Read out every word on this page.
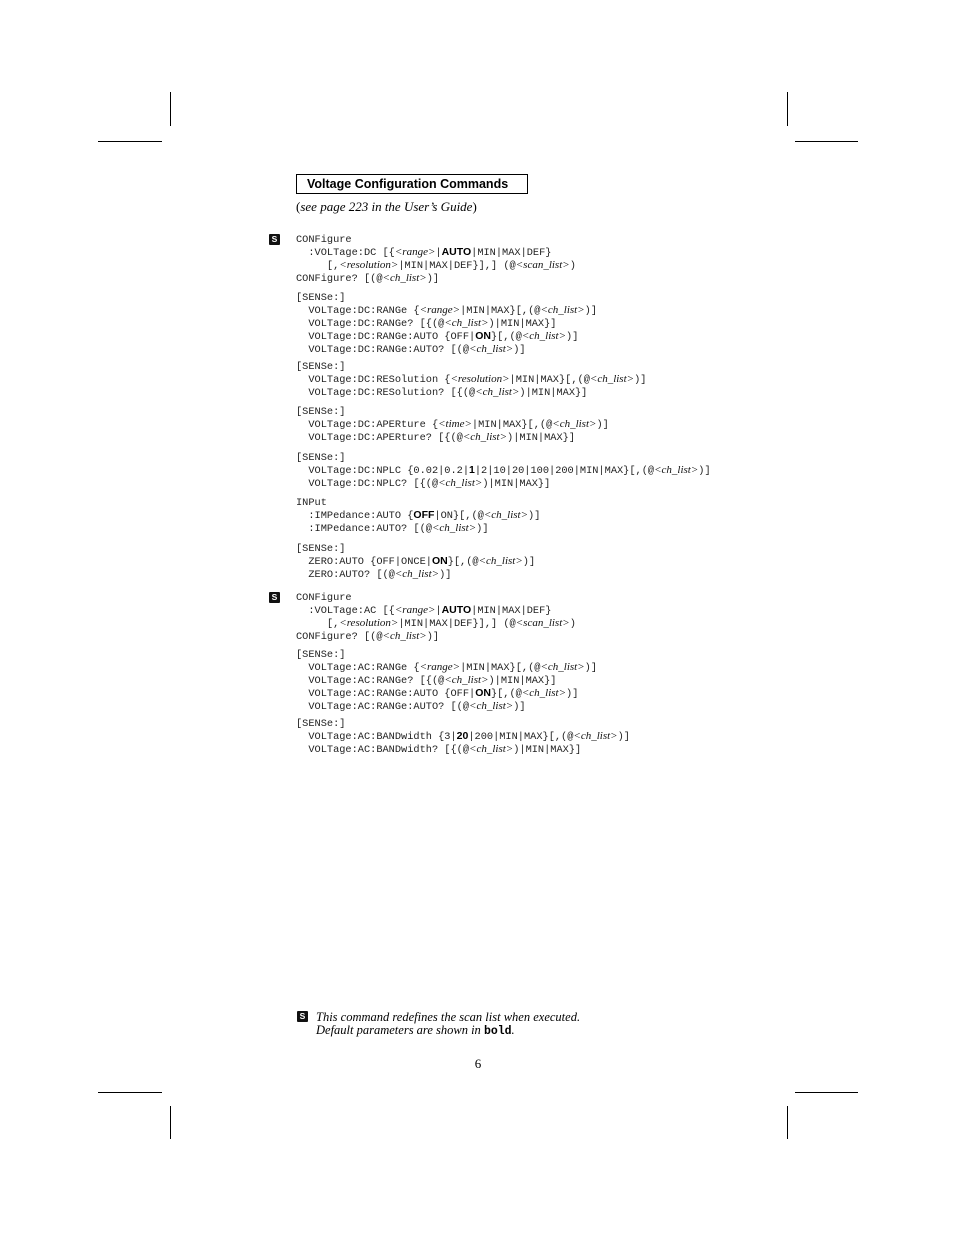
Voltage Configuration Commands
(see page 223 in the User’s Guide)
S
S
CONFigure
:VOLTage:DC [{<range>|AUTO|MIN|MAX|DEF}
[,<resolution>|MIN|MAX|DEF}],] (@<scan_list>)
CONFigure? [(@<ch_list>)]
[SENSe:]
VOLTage:DC:RANGe {<range>|MIN|MAX}[,(@<ch_list>)]
VOLTage:DC:RANGe? [{(@<ch_list>)|MIN|MAX}]
VOLTage:DC:RANGe:AUTO {OFF|ON}[,(@<ch_list>)]
VOLTage:DC:RANGe:AUTO? [(@<ch_list>)]
[SENSe:]
VOLTage:DC:RESolution {<resolution>|MIN|MAX}[,(@<ch_list>)]
VOLTage:DC:RESolution? [{(@<ch_list>)|MIN|MAX}]
[SENSe:]
VOLTage:DC:APERture {<time>|MIN|MAX}[,(@<ch_list>)]
VOLTage:DC:APERture? [{(@<ch_list>)|MIN|MAX}]
[SENSe:]
VOLTage:DC:NPLC {0.02|0.2|1|2|10|20|100|200|MIN|MAX}[,(@<ch_list>)]
VOLTage:DC:NPLC? [{(@<ch_list>)|MIN|MAX}]
INPut
:IMPedance:AUTO {OFF|ON}[,(@<ch_list>)]
:IMPedance:AUTO? [(@<ch_list>)]
[SENSe:]
ZERO:AUTO {OFF|ONCE|ON}[,(@<ch_list>)]
ZERO:AUTO? [(@<ch_list>)]
CONFigure
:VOLTage:AC [{<range>|AUTO|MIN|MAX|DEF}
[,<resolution>|MIN|MAX|DEF}],] (@<scan_list>)
CONFigure? [(@<ch_list>)]
[SENSe:]
VOLTage:AC:RANGe {<range>|MIN|MAX}[,(@<ch_list>)]
VOLTage:AC:RANGe? [{(@<ch_list>)|MIN|MAX}]
VOLTage:AC:RANGe:AUTO {OFF|ON}[,(@<ch_list>)]
VOLTage:AC:RANGe:AUTO? [(@<ch_list>)]
[SENSe:]
VOLTage:AC:BANDwidth {3|20|200|MIN|MAX}[,(@<ch_list>)]
VOLTage:AC:BANDwidth? [{(@<ch_list>)|MIN|MAX}]
S This command redefines the scan list when executed.
Default parameters are shown in bold.
6
